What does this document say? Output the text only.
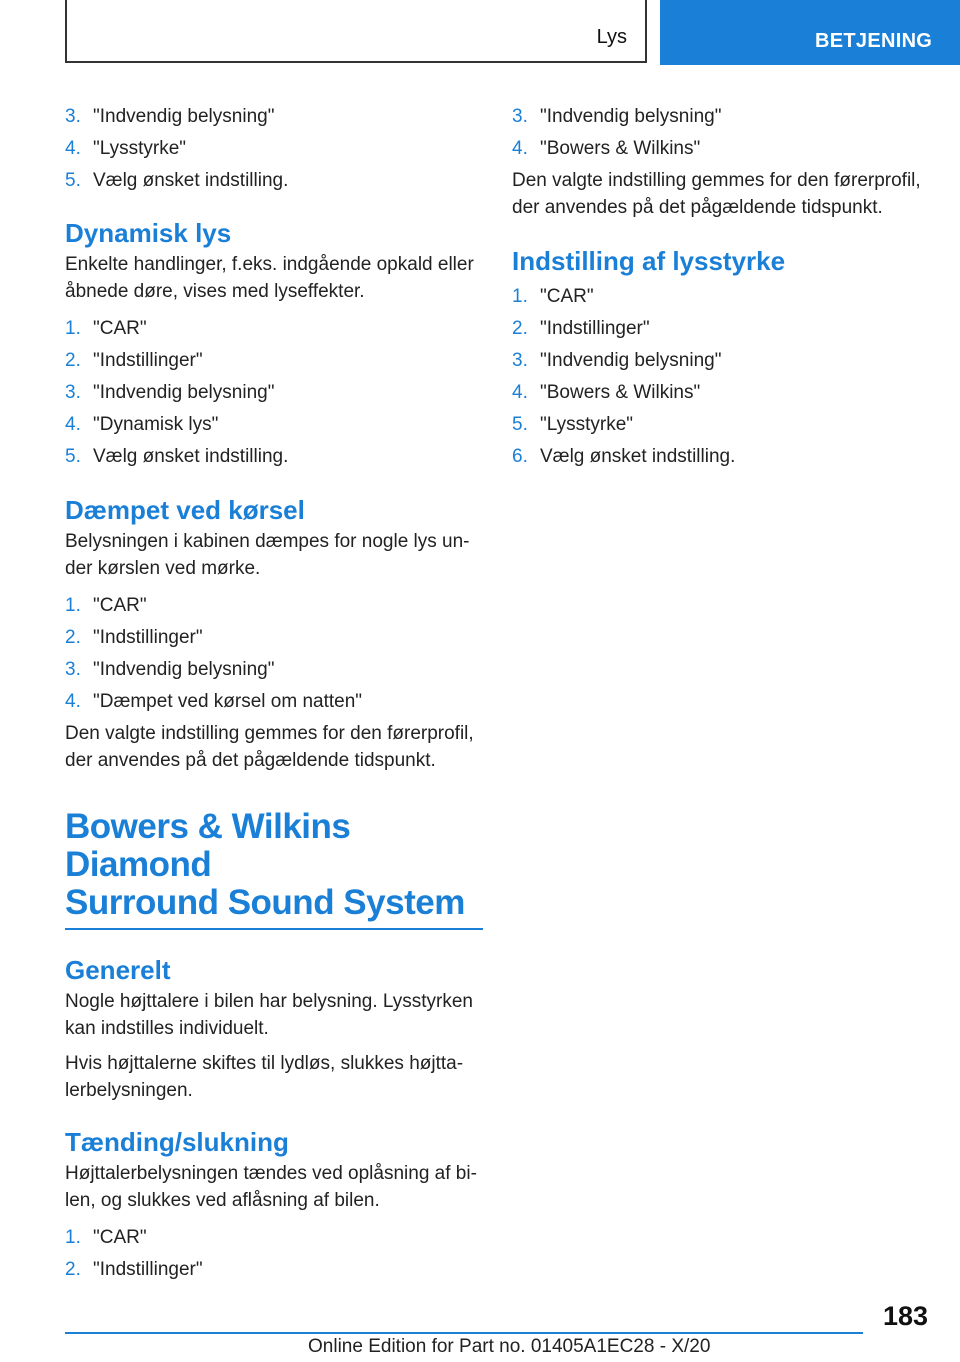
Lys	BETJENING
3. "Indvendig belysning"
4. "Lysstyrke"
5. Vælg ønsket indstilling.
Dynamisk lys

Enkelte handlinger, f.eks. indgående opkald eller åbnede døre, vises med lyseffekter.

1. "CAR"
2. "Indstillinger"
3. "Indvendig belysning"
4. "Dynamisk lys"
5. Vælg ønsket indstilling.
Dæmpet ved kørsel

Belysningen i kabinen dæmpes for nogle lys un-der kørslen ved mørke.

1. "CAR"
2. "Indstillinger"
3. "Indvendig belysning"
4. "Dæmpet ved kørsel om natten"

Den valgte indstilling gemmes for den førerprofil, der anvendes på det pågældende tidspunkt.

Bowers & Wilkins Diamond
Surround Sound System
Generelt

Nogle højttalere i bilen har belysning. Lysstyrken kan indstilles individuelt.

Hvis højttalerne skiftes til lydløs, slukkes højtta-lerbelysningen.

Tænding/slukning

Højttalerbelysningen tændes ved oplåsning af bi-len, og slukkes ved aflåsning af bilen.

1. "CAR"
2. "Indstillinger"
3. "Indvendig belysning"
4. "Bowers & Wilkins"

Den valgte indstilling gemmes for den førerprofil, der anvendes på det pågældende tidspunkt.

Indstilling af lysstyrke
1. "CAR"
2. "Indstillinger"
3. "Indvendig belysning"
4. "Bowers & Wilkins"
5. "Lysstyrke"
6. Vælg ønsket indstilling.
183
Online Edition for Part no. 01405A1EC28 - X/20
